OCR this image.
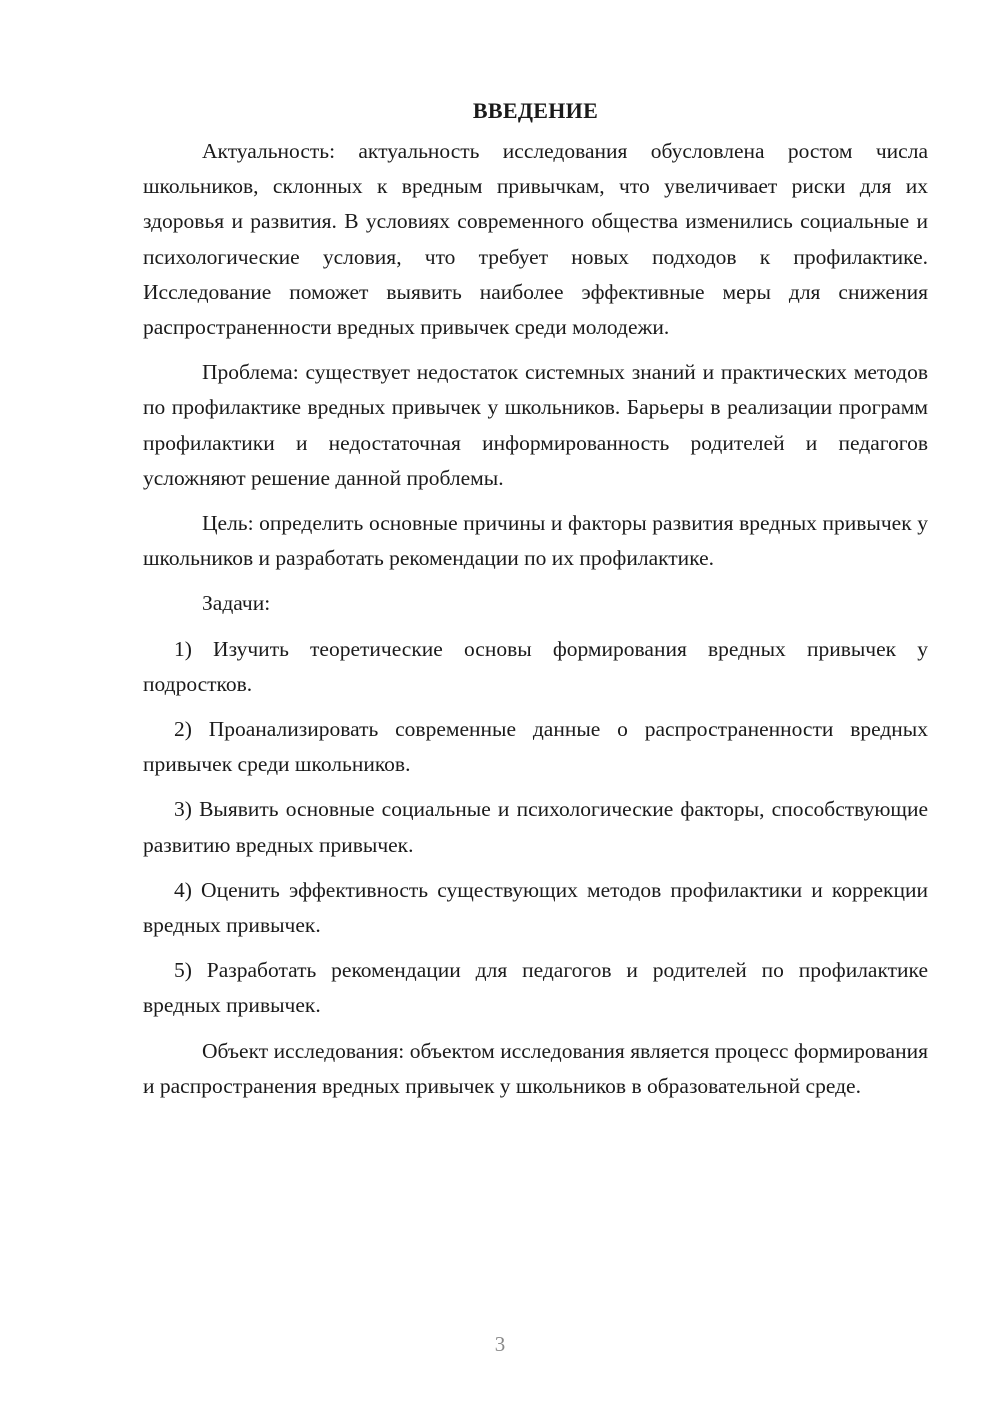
ВВЕДЕНИЕ

Актуальность: актуальность исследования обусловлена ростом числа школьников, склонных к вредным привычкам, что увеличивает риски для их здоровья и развития. В условиях современного общества изменились социальные и психологические условия, что требует новых подходов к профилактике. Исследование поможет выявить наиболее эффективные меры для снижения распространенности вредных привычек среди молодежи.

Проблема: существует недостаток системных знаний и практических методов по профилактике вредных привычек у школьников. Барьеры в реализации программ профилактики и недостаточная информированность родителей и педагогов усложняют решение данной проблемы.

Цель: определить основные причины и факторы развития вредных привычек у школьников и разработать рекомендации по их профилактике.

Задачи:

1) Изучить теоретические основы формирования вредных привычек у подростков.

2) Проанализировать современные данные о распространенности вредных привычек среди школьников.

3) Выявить основные социальные и психологические факторы, способствующие развитию вредных привычек.

4) Оценить эффективность существующих методов профилактики и коррекции вредных привычек.

5) Разработать рекомендации для педагогов и родителей по профилактике вредных привычек.

Объект исследования: объектом исследования является процесс формирования и распространения вредных привычек у школьников в образовательной среде.

3
